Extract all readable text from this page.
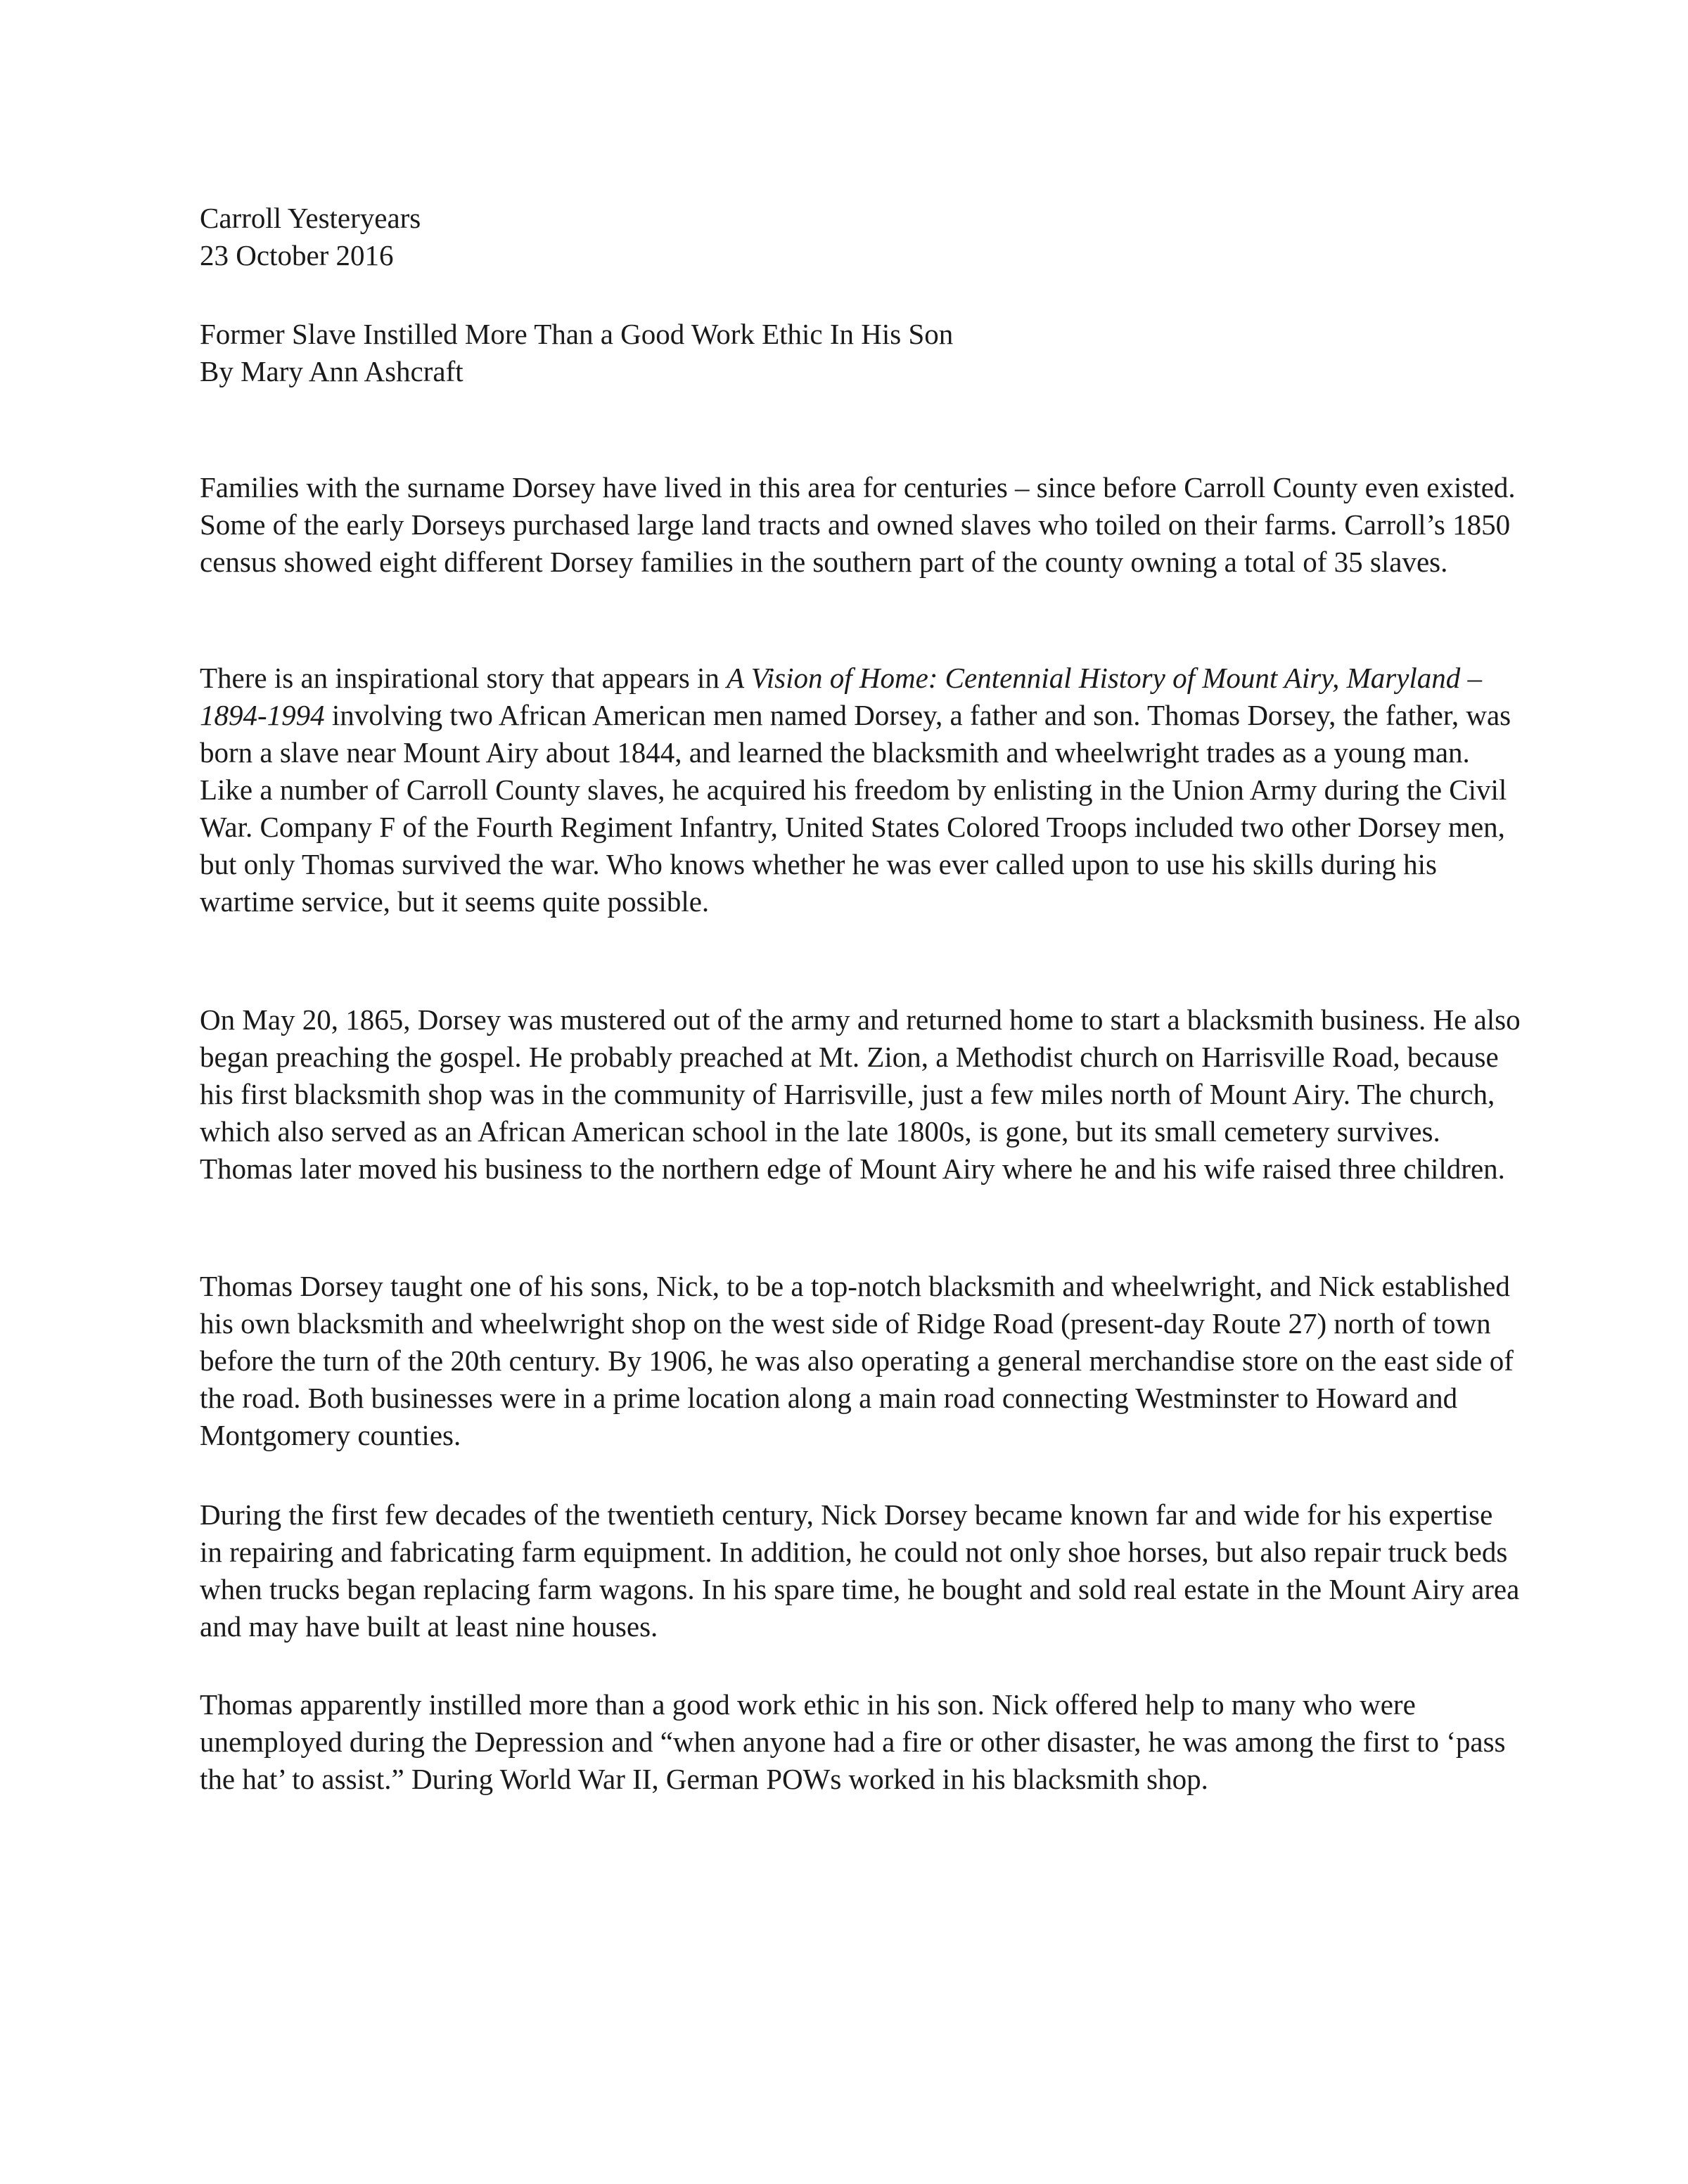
Carroll Yesteryears
23 October 2016
Former Slave Instilled More Than a Good Work Ethic In His Son
By Mary Ann Ashcraft

Families with the surname Dorsey have lived in this area for centuries – since before Carroll County even existed. Some of the early Dorseys purchased large land tracts and owned slaves who toiled on their farms. Carroll’s 1850 census showed eight different Dorsey families in the southern part of the county owning a total of 35 slaves.

There is an inspirational story that appears in A Vision of Home: Centennial History of Mount Airy, Maryland – 1894-1994 involving two African American men named Dorsey, a father and son. Thomas Dorsey, the father, was born a slave near Mount Airy about 1844, and learned the blacksmith and wheelwright trades as a young man. Like a number of Carroll County slaves, he acquired his freedom by enlisting in the Union Army during the Civil War. Company F of the Fourth Regiment Infantry, United States Colored Troops included two other Dorsey men, but only Thomas survived the war. Who knows whether he was ever called upon to use his skills during his wartime service, but it seems quite possible.

On May 20, 1865, Dorsey was mustered out of the army and returned home to start a blacksmith business. He also began preaching the gospel. He probably preached at Mt. Zion, a Methodist church on Harrisville Road, because his first blacksmith shop was in the community of Harrisville, just a few miles north of Mount Airy. The church, which also served as an African American school in the late 1800s, is gone, but its small cemetery survives. Thomas later moved his business to the northern edge of Mount Airy where he and his wife raised three children.

Thomas Dorsey taught one of his sons, Nick, to be a top-notch blacksmith and wheelwright, and Nick established his own blacksmith and wheelwright shop on the west side of Ridge Road (present-day Route 27) north of town before the turn of the 20th century. By 1906, he was also operating a general merchandise store on the east side of the road. Both businesses were in a prime location along a main road connecting Westminster to Howard and Montgomery counties.

During the first few decades of the twentieth century, Nick Dorsey became known far and wide for his expertise in repairing and fabricating farm equipment. In addition, he could not only shoe horses, but also repair truck beds when trucks began replacing farm wagons. In his spare time, he bought and sold real estate in the Mount Airy area and may have built at least nine houses.

Thomas apparently instilled more than a good work ethic in his son. Nick offered help to many who were unemployed during the Depression and “when anyone had a fire or other disaster, he was among the first to ‘pass the hat’ to assist.” During World War II, German POWs worked in his blacksmith shop.
